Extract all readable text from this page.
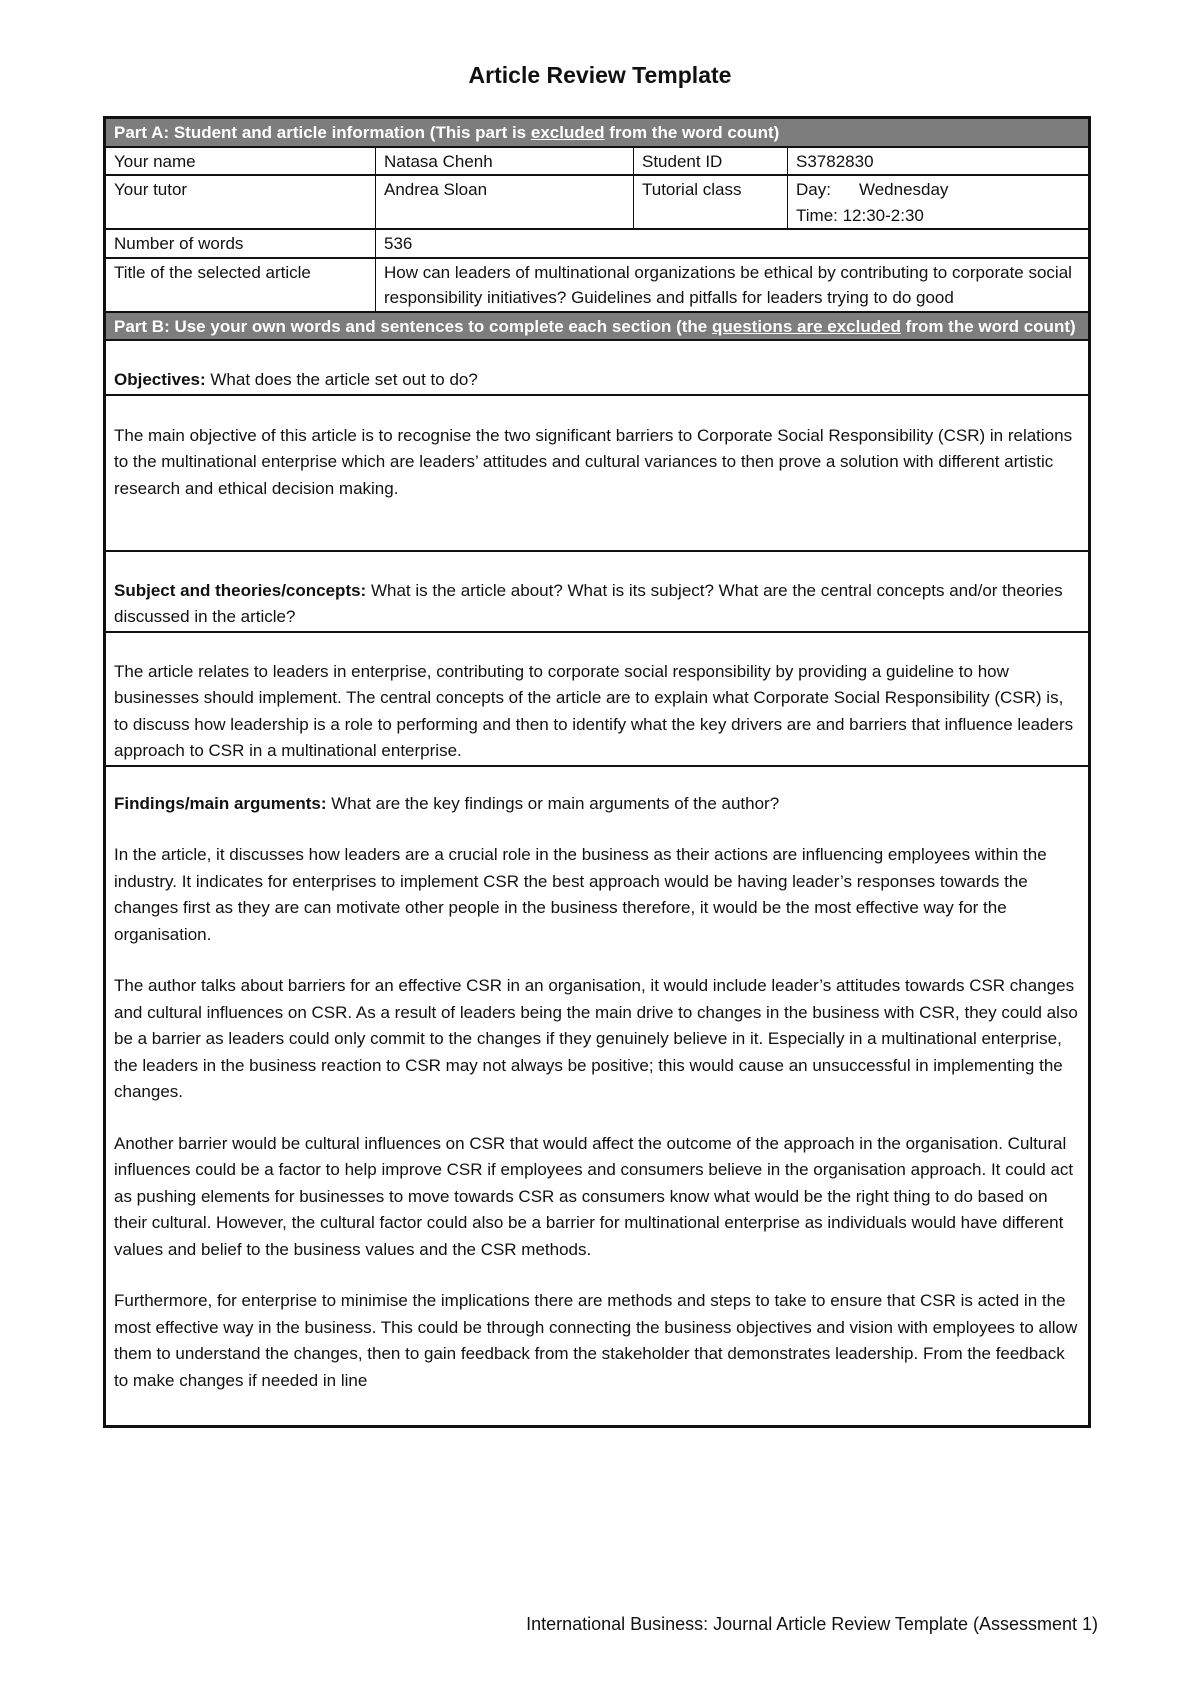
Article Review Template
Part A: Student and article information (This part is excluded from the word count)
Your name	Natasa Chenh	Student ID	S3782830
Your tutor	Andrea Sloan	Tutorial class	Day: Wednesday
Time: 12:30-2:30
Number of words	536
Title of the selected article	How can leaders of multinational organizations be ethical by contributing to corporate social responsibility initiatives? Guidelines and pitfalls for leaders trying to do good
Part B: Use your own words and sentences to complete each section (the questions are excluded from the word count)
Objectives: What does the article set out to do?
The main objective of this article is to recognise the two significant barriers to Corporate Social Responsibility (CSR) in relations to the multinational enterprise which are leaders’ attitudes and cultural variances to then prove a solution with different artistic research and ethical decision making.
Subject and theories/concepts: What is the article about? What is its subject? What are the central concepts and/or theories discussed in the article?
The article relates to leaders in enterprise, contributing to corporate social responsibility by providing a guideline to how businesses should implement. The central concepts of the article are to explain what Corporate Social Responsibility (CSR) is, to discuss how leadership is a role to performing and then to identify what the key drivers are and barriers that influence leaders approach to CSR in a multinational enterprise.
Findings/main arguments: What are the key findings or main arguments of the author?

In the article, it discusses how leaders are a crucial role in the business as their actions are influencing employees within the industry. It indicates for enterprises to implement CSR the best approach would be having leader’s responses towards the changes first as they are can motivate other people in the business therefore, it would be the most effective way for the organisation.

The author talks about barriers for an effective CSR in an organisation, it would include leader’s attitudes towards CSR changes and cultural influences on CSR. As a result of leaders being the main drive to changes in the business with CSR, they could also be a barrier as leaders could only commit to the changes if they genuinely believe in it. Especially in a multinational enterprise, the leaders in the business reaction to CSR may not always be positive; this would cause an unsuccessful in implementing the changes.

Another barrier would be cultural influences on CSR that would affect the outcome of the approach in the organisation. Cultural influences could be a factor to help improve CSR if employees and consumers believe in the organisation approach. It could act as pushing elements for businesses to move towards CSR as consumers know what would be the right thing to do based on their cultural. However, the cultural factor could also be a barrier for multinational enterprise as individuals would have different values and belief to the business values and the CSR methods.

Furthermore, for enterprise to minimise the implications there are methods and steps to take to ensure that CSR is acted in the most effective way in the business. This could be through connecting the business objectives and vision with employees to allow them to understand the changes, then to gain feedback from the stakeholder that demonstrates leadership. From the feedback to make changes if needed in line

International Business: Journal Article Review Template (Assessment 1)
